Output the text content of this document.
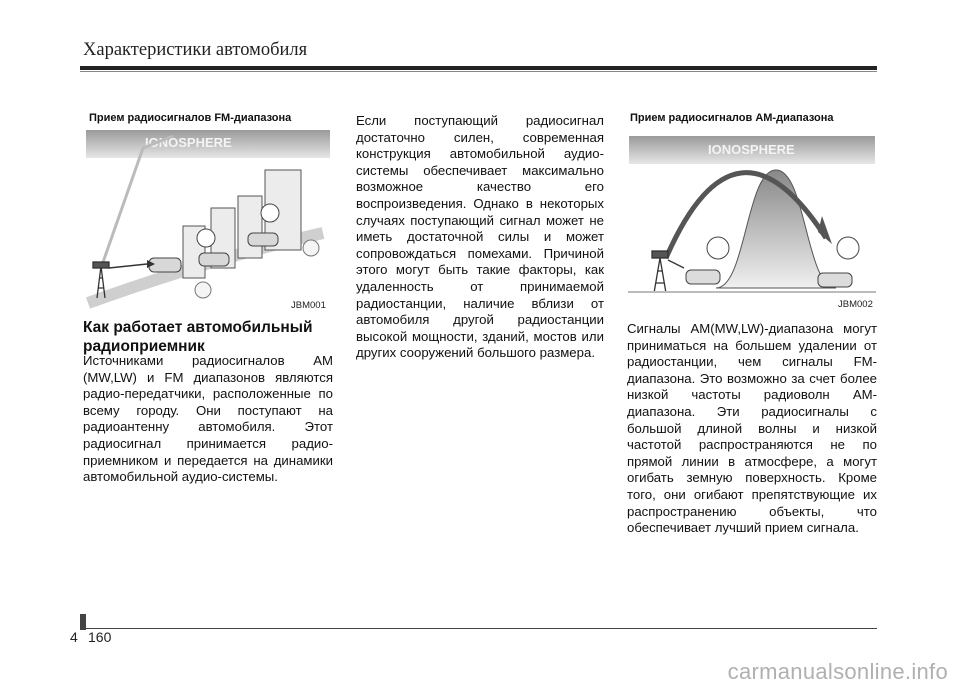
Характеристики автомобиля
Прием радиосигналов FM-диапазона
IONOSPHERE
JBM001
Как работает автомобильный радиоприемник
Источниками радиосигналов AM (MW,LW) и FM диапазонов являются радио-передатчики, расположенные по всему городу. Они поступают на радиоантенну автомобиля. Этот радиосигнал принимается радио-приемником и передается на динамики автомобильной аудио-системы.
Если поступающий радиосигнал достаточно силен, современная конструкция автомобильной аудио-системы обеспечивает максимально возможное качество его воспроизведения. Однако в некоторых случаях поступающий сигнал может не иметь достаточной силы и может сопровождаться помехами. Причиной этого могут быть такие факторы, как удаленность от принимаемой радиостанции, наличие вблизи от автомобиля другой радиостанции высокой мощности, зданий, мостов или других сооружений большого размера.
Прием радиосигналов AM-диапазона
IONOSPHERE
JBM002
Сигналы AM(MW,LW)-диапазона могут приниматься на большем удалении от радиостанции, чем сигналы FM-диапазона. Это возможно за счет более низкой частоты радиоволн AM-диапазона. Эти радиосигналы с большой длиной волны и низкой частотой распространяются не по прямой линии в атмосфере, а могут огибать земную поверхность. Кроме того, они огибают препятствующие их распространению объекты, что обеспечивает лучший прием сигнала.
4 160
carmanualsonline.info
